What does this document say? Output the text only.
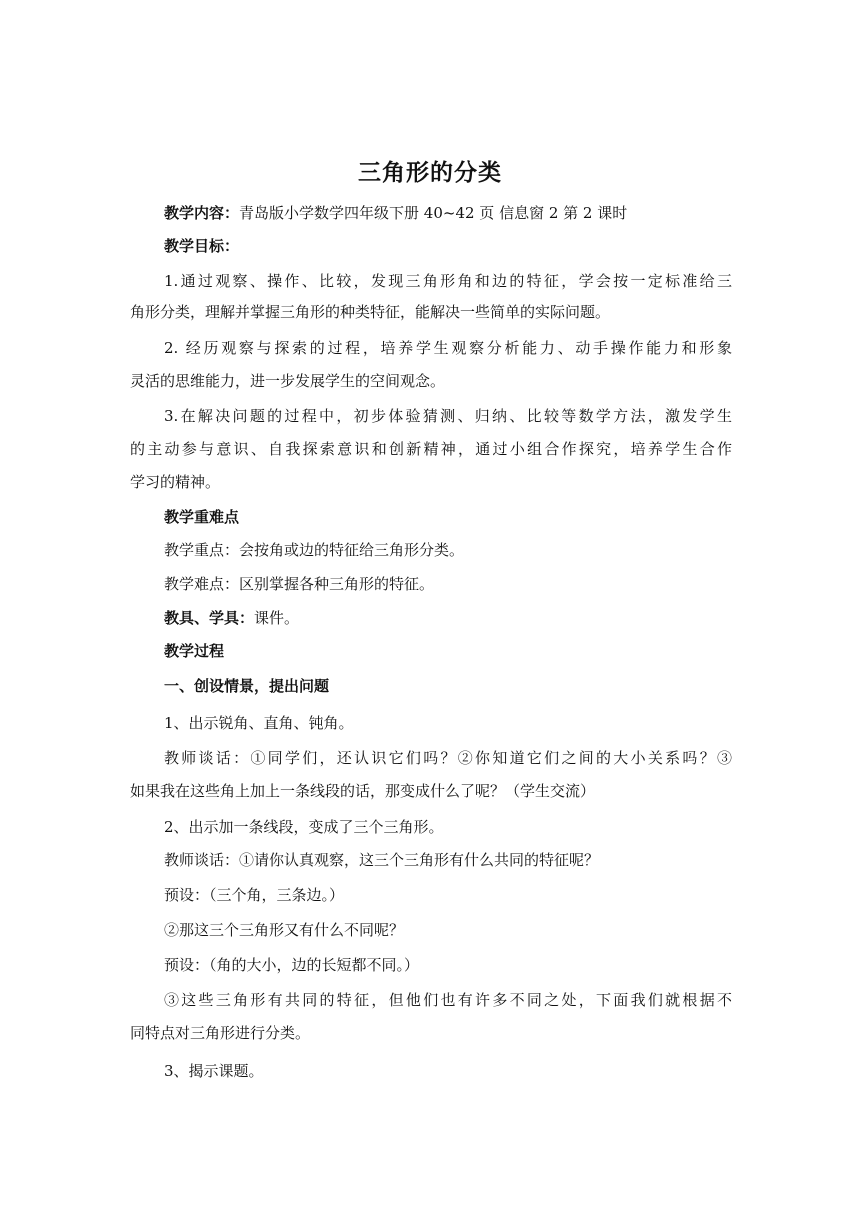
三角形的分类
教学内容：青岛版小学数学四年级下册 40~42 页 信息窗 2 第 2 课时
教学目标：
1.通过观察、操作、比较，发现三角形角和边的特征，学会按一定标准给三
角形分类，理解并掌握三角形的种类特征，能解决一些简单的实际问题。
2. 经历观察与探索的过程，培养学生观察分析能力、动手操作能力和形象
灵活的思维能力，进一步发展学生的空间观念。
3.在解决问题的过程中，初步体验猜测、归纳、比较等数学方法，激发学生
的主动参与意识、自我探索意识和创新精神，通过小组合作探究，培养学生合作
学习的精神。
教学重难点
教学重点：会按角或边的特征给三角形分类。
教学难点：区别掌握各种三角形的特征。
教具、学具：课件。
教学过程
一、创设情景，提出问题
1、出示锐角、直角、钝角。
教师谈话：①同学们，还认识它们吗？②你知道它们之间的大小关系吗？③
如果我在这些角上加上一条线段的话，那变成什么了呢？（学生交流）
2、出示加一条线段，变成了三个三角形。
教师谈话：①请你认真观察，这三个三角形有什么共同的特征呢？
预设：（三个角，三条边。）
②那这三个三角形又有什么不同呢？
预设：（角的大小，边的长短都不同。）
③这些三角形有共同的特征，但他们也有许多不同之处，下面我们就根据不
同特点对三角形进行分类。
3、揭示课题。
